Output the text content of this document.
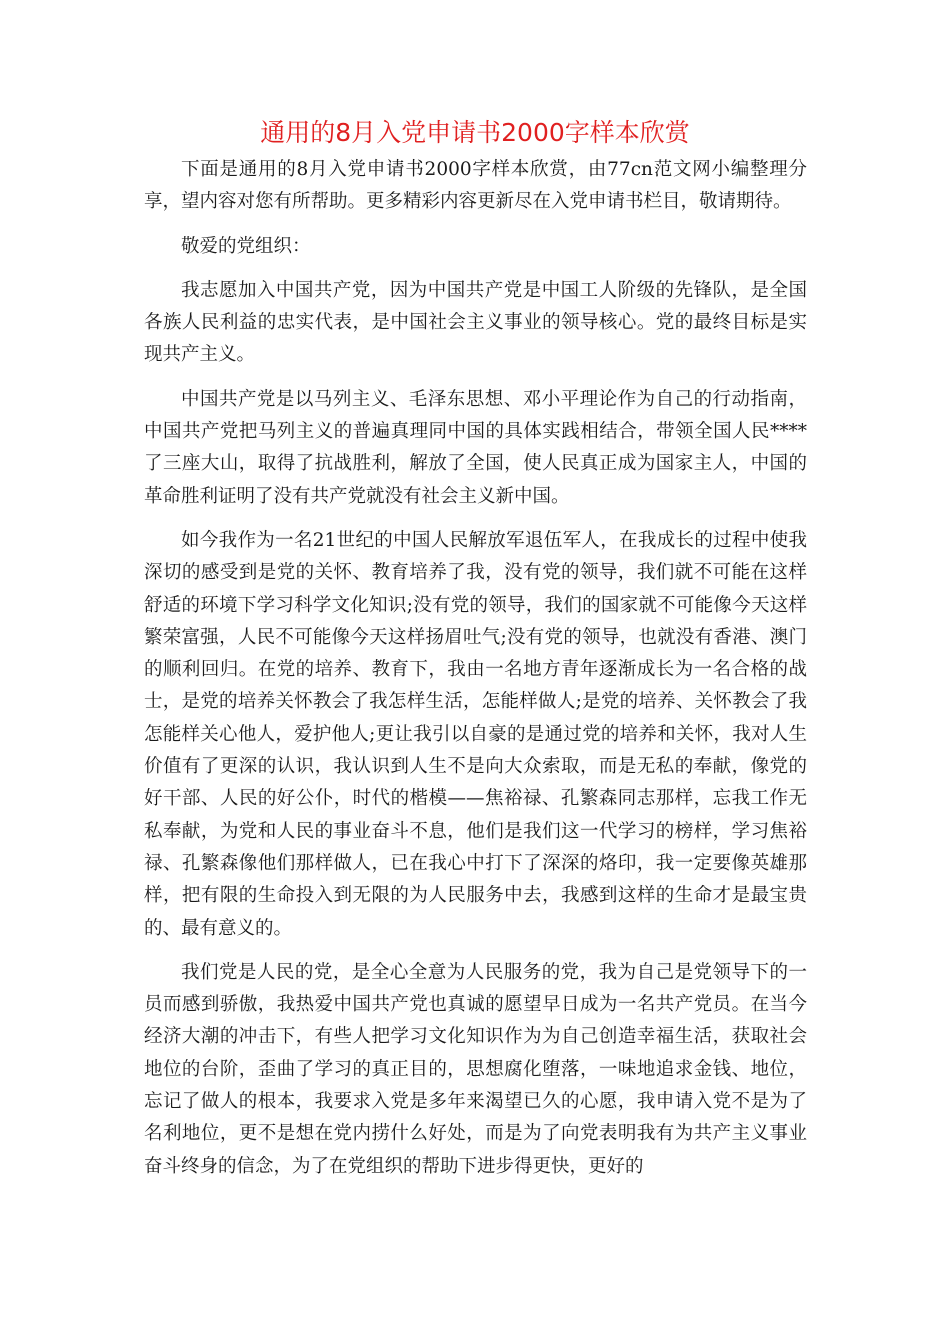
通用的8月入党申请书2000字样本欣赏

下面是通用的8月入党申请书2000字样本欣赏，由77cn范文网小编整理分享，望内容对您有所帮助。更多精彩内容更新尽在入党申请书栏目，敬请期待。

敬爱的党组织：

我志愿加入中国共产党，因为中国共产党是中国工人阶级的先锋队，是全国各族人民利益的忠实代表，是中国社会主义事业的领导核心。党的最终目标是实现共产主义。

中国共产党是以马列主义、毛泽东思想、邓小平理论作为自己的行动指南，中国共产党把马列主义的普遍真理同中国的具体实践相结合，带领全国人民****了三座大山，取得了抗战胜利，解放了全国，使人民真正成为国家主人，中国的革命胜利证明了没有共产党就没有社会主义新中国。

如今我作为一名21世纪的中国人民解放军退伍军人，在我成长的过程中使我深切的感受到是党的关怀、教育培养了我，没有党的领导，我们就不可能在这样舒适的环境下学习科学文化知识;没有党的领导，我们的国家就不可能像今天这样繁荣富强，人民不可能像今天这样扬眉吐气;没有党的领导，也就没有香港、澳门的顺利回归。在党的培养、教育下，我由一名地方青年逐渐成长为一名合格的战士，是党的培养关怀教会了我怎样生活，怎能样做人;是党的培养、关怀教会了我怎能样关心他人，爱护他人;更让我引以自豪的是通过党的培养和关怀，我对人生价值有了更深的认识，我认识到人生不是向大众索取，而是无私的奉献，像党的好干部、人民的好公仆，时代的楷模——焦裕禄、孔繁森同志那样，忘我工作无私奉献，为党和人民的事业奋斗不息，他们是我们这一代学习的榜样，学习焦裕禄、孔繁森像他们那样做人，已在我心中打下了深深的烙印，我一定要像英雄那样，把有限的生命投入到无限的为人民服务中去，我感到这样的生命才是最宝贵的、最有意义的。

我们党是人民的党，是全心全意为人民服务的党，我为自己是党领导下的一员而感到骄傲，我热爱中国共产党也真诚的愿望早日成为一名共产党员。在当今经济大潮的冲击下，有些人把学习文化知识作为为自己创造幸福生活，获取社会地位的台阶，歪曲了学习的真正目的，思想腐化堕落，一味地追求金钱、地位，忘记了做人的根本，我要求入党是多年来渴望已久的心愿，我申请入党不是为了名利地位，更不是想在党内捞什么好处，而是为了向党表明我有为共产主义事业奋斗终身的信念，为了在党组织的帮助下进步得更快，更好的
